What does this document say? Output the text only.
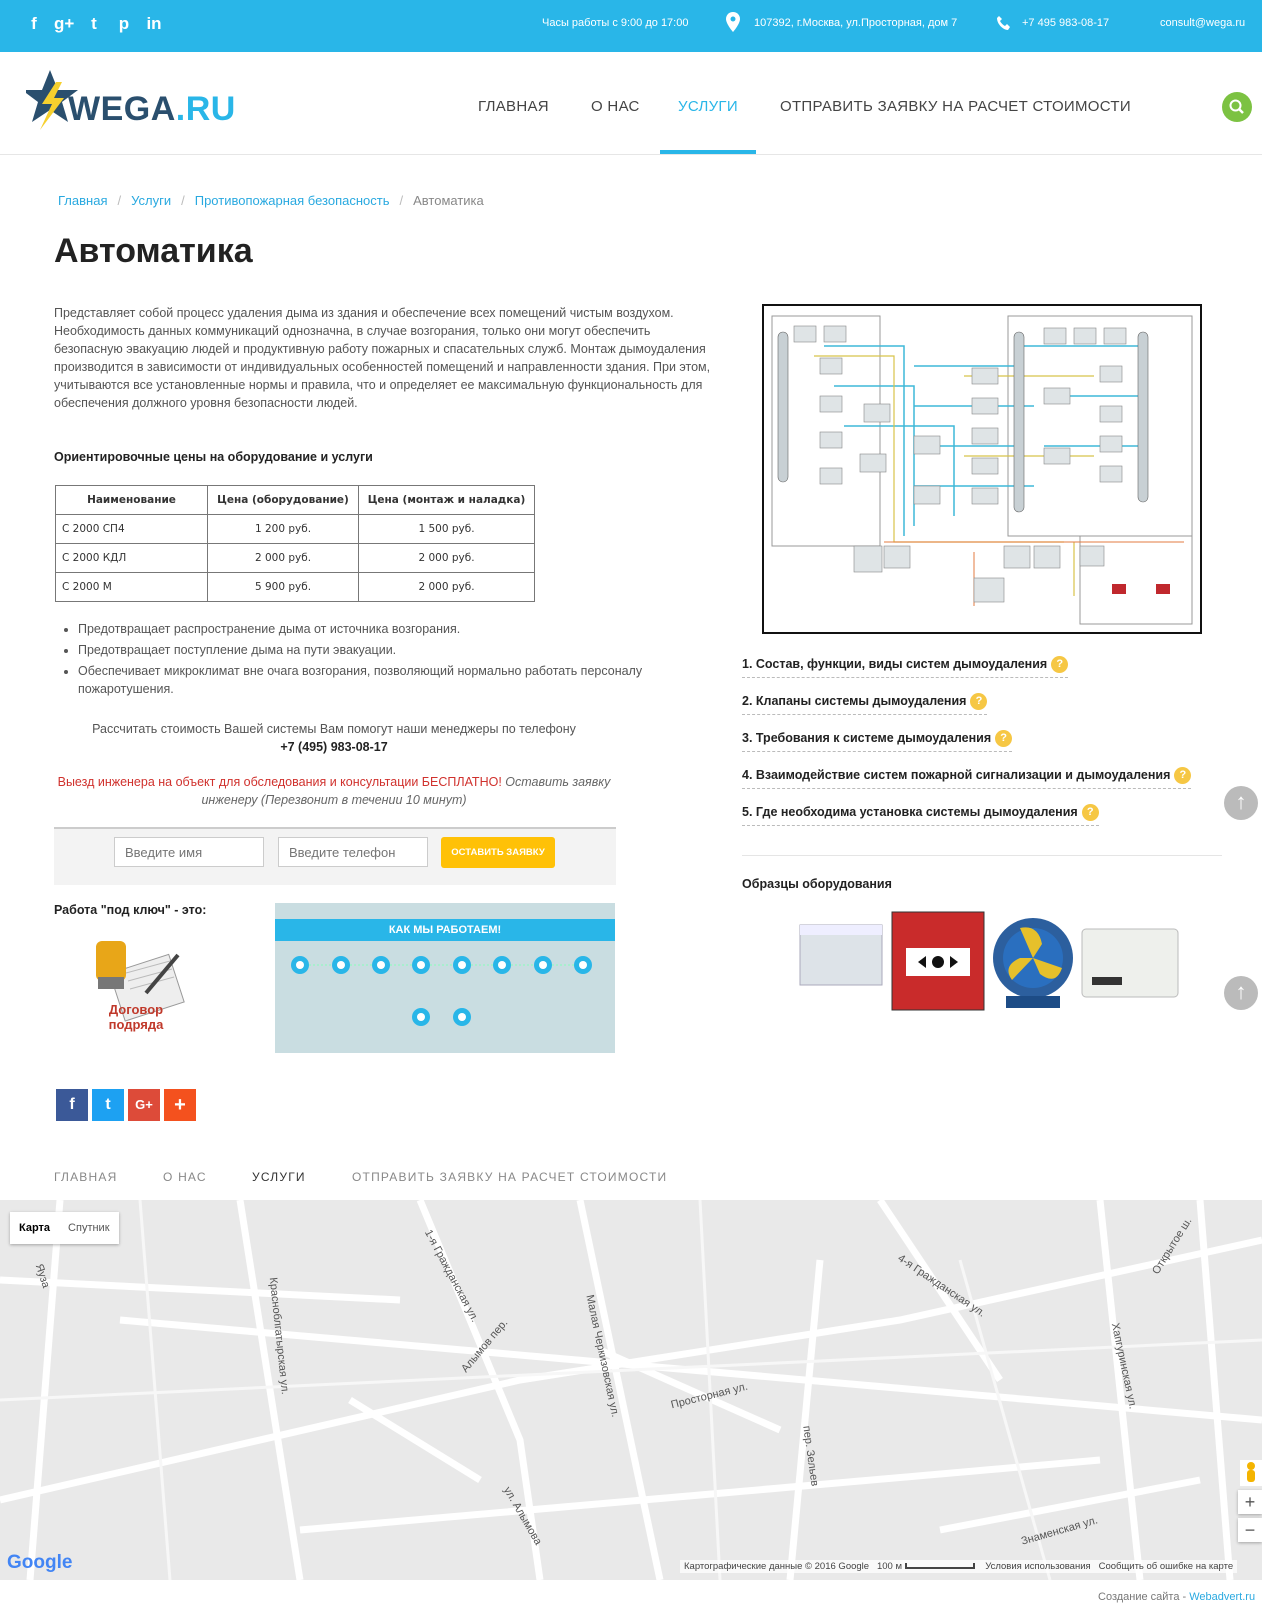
f	g+ t	p in	Часы работы с 9:00 до 17:00	107392, г.Москва, ул.Просторная, дом 7	+7 495 983-08-17	consult@wega.ru
WEGA.RU	ГЛАВНАЯ	О НАС	УСЛУГИ	ОТПРАВИТЬ ЗАЯВКУ НА РАСЧЕТ СТОИМОСТИ
Главная / Услуги / Противопожарная безопасность / Автоматика
Автоматика

Представляет собой процесс удаления дыма из здания и обеспечение всех помещений чистым воздухом. Необходимость данных коммуникаций однозначна, в случае возгорания, только они могут обеспечить безопасную эвакуацию людей и продуктивную работу пожарных и спасательных служб. Монтаж дымоудаления производится в зависимости от индивидуальных особенностей помещений и направленности здания. При этом, учитываются все установленные нормы и правила, что и определяет ее максимальную функциональность для обеспечения должного уровня безопасности людей.

Ориентировочные цены на оборудование и услуги
Наименование	Цена (оборудование)	Цена (монтаж и наладка)
С 2000 СП4	1 200 руб.	1 500 руб.
С 2000 КДЛ	2 000 руб.	2 000 руб.
С 2000 М	5 900 руб.	2 000 руб.
• Предотвращает распространение дыма от источника возгорания.
• Предотвращает поступление дыма на пути эвакуации.
• Обеспечивает микроклимат вне очага возгорания, позволяющий нормально работать персоналу пожаротушения.
Рассчитать стоимость Вашей системы Вам помогут наши менеджеры по телефону
+7 (495) 983-08-17
Выезд инженера на объект для обследования и консультации БЕСПЛАТНО! Оставить заявку инженеру (Перезвонит в течении 10 минут)
Введите имя
Введите телефон
ОСТАВИТЬ ЗАЯВКУ
Работа "под ключ" - это:
Договор подряда
КАК МЫ РАБОТАЕМ!
f	t	G+	+
ГЛАВНАЯ	О НАС	УСЛУГИ	ОТПРАВИТЬ ЗАЯВКУ НА РАСЧЕТ СТОИМОСТИ
1. Состав, функции, виды систем дымоудаления ?
2. Клапаны системы дымоудаления ?
3. Требования к системе дымоудаления ?
4. Взаимодействие систем пожарной сигнализации и дымоудаления ?
5. Где необходима установка системы дымоудаления ?
Образцы оборудования
↑
↑
Карта	Спутник
Яуза	1-я Гражданская ул.
Алымов пер.	Малая Черкизовская ул.	Просторная ул.
Красноблгатырская ул.	4-я Гражданская ул.
Хапгуринская ул.
Открытое ш.
пер. Зельев
Знаменская ул.
ул. Алымова
Google
+
−
Картографические данные © 2016 Google 100 м	Условия использования Сообщить об ошибке на карте
Создание сайта - Webadvert.ru
